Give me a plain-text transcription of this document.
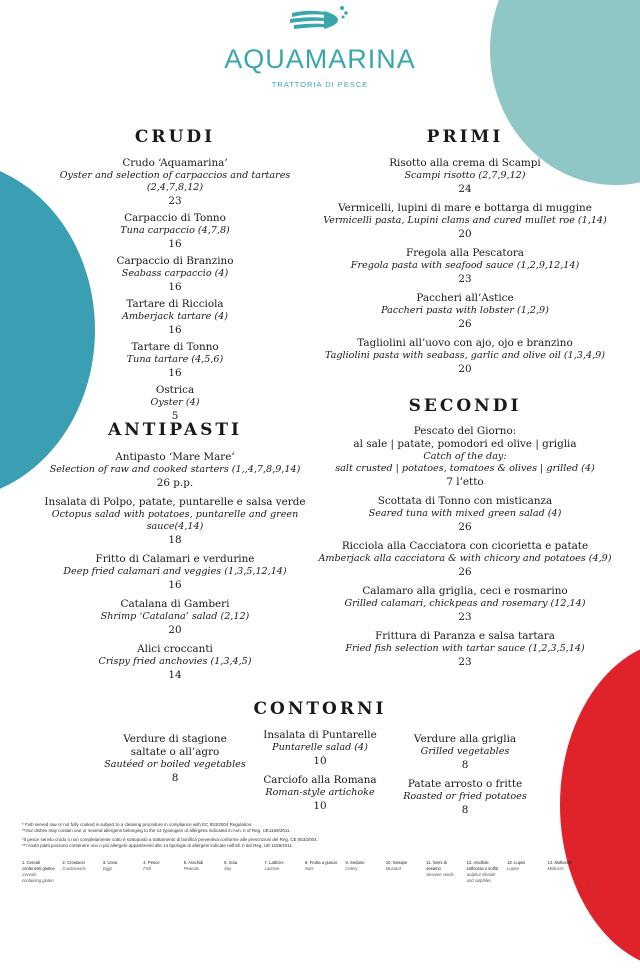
AQUAMARINA
TRATTORIA DI PESCE
CRUDI
Crudo ‘Aquamarina’
Oyster and selection of carpaccios and tartares (2,4,7,8,12)
23
Carpaccio di Tonno
Tuna carpaccio (4,7,8)
16
Carpaccio di Branzino
Seabass carpaccio (4)
16
Tartare di Ricciola
Amberjack tartare (4)
16
Tartare di Tonno
Tuna tartare (4,5,6)
16
Ostrica
Oyster (4)
5
ANTIPASTI
Antipasto ‘Mare Mare’
Selection of raw and cooked starters (1,,4,7,8,9,14)
26 p.p.
Insalata di Polpo, patate, puntarelle e salsa verde
Octopus salad with potatoes, puntarelle and green sauce(4,14)
18
Fritto di Calamari e verdurine
Deep fried calamari and veggies (1,3,5,12,14)
16
Catalana di Gamberi
Shrimp ‘Catalana’ salad (2,12)
20
Alici croccanti
Crispy fried anchovies (1,3,4,5)
14
PRIMI
Risotto alla crema di Scampi
Scampi risotto (2,7,9,12)
24
Vermicelli, lupini di mare e bottarga di muggine
Vermicelli pasta, Lupini clams and cured mullet roe (1,14)
20
Fregola alla Pescatora
Fregola pasta with seafood sauce (1,2,9,12,14)
23
Paccheri all’Astice
Paccheri pasta with lobster (1,2,9)
26
Tagliolini all’uovo con ajo, ojo e branzino
Tagliolini pasta with seabass, garlic and olive oil (1,3,4,9)
20
SECONDI
Pescato del Giorno:
al sale | patate, pomodori ed olive | griglia
Catch of the day:
salt crusted | potatoes, tomatoes & olives | grilled (4)
7 l’etto
Scottata di Tonno con misticanza
Seared tuna with mixed green salad (4)
26
Ricciola alla Cacciatora con cicorietta e patate
Amberjack alla cacciatora & with chicory and potatoes (4,9)
26
Calamaro alla griglia, ceci e rosmarino
Grilled calamari, chickpeas and rosemary (12,14)
23
Frittura di Paranza e salsa tartara
Fried fish selection with tartar sauce (1,2,3,5,14)
23
CONTORNI
Verdure di stagione
saltate o all’agro
Sautéed or boiled vegetables
8
Insalata di Puntarelle
Puntarelle salad (4)
10
Carciofo alla Romana
Roman-style artichoke
10
Verdure alla griglia
Grilled vegetables
8
Patate arrosto o fritte
Roasted or fried potatoes
8
* Fish served raw or not fully cooked is subject to a cleaning procedure in compliance with EC 853/2004 Regulation.
**Our dishes may contain one or several allergens belonging to the 14 typologies of allergens indicated in Ann. II of Reg. UE1169/2011.
*Il pesce servito crudo o non completamente cotto è sottoposto a trattamento di bonifica preventiva conforme alle prescrizioni del Reg. CE 853/2004.
**I nostri piatti possono contenere uno o più allergeni appartenenti alle 14 tipologie di allergeni indicate nell’all. II del Reg. UE 1169/2011.
1. Cereali contenenti glutine
Cereals containing gluten
2. Crostacei
Crustaceans
3. Uova
Eggs
4. Pesce
Fish
5. Arachidi
Peanuts
6. Soia
Soy
7. Latticini
Lactose
8. Frutta a guscio
Nuts
9. Sedano
Celery
10. Senape
Mustard
11. Semi di sesamo
Sesame seeds
12. Anidride solforosa e solfiti
Sulphur dioxide and sulphites
13. Lupini
Lupins
14. Molluschi
Molluscs
1
